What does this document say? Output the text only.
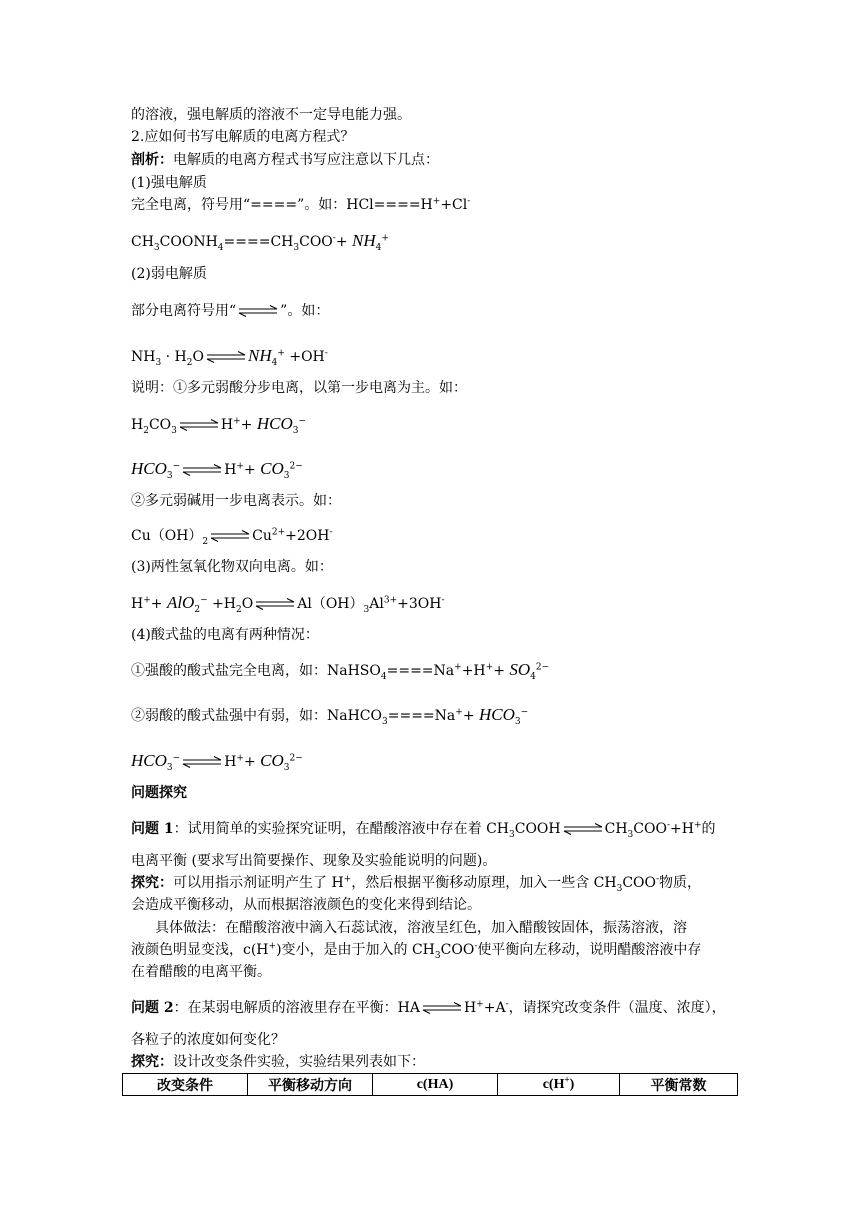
的溶液，强电解质的溶液不一定导电能力强。
2.应如何书写电解质的电离方程式？
剖析：电解质的电离方程式书写应注意以下几点：
(1)强电解质
完全电离，符号用“====”。如：HCl====H++Cl-
$CH_3COONH_4====CH_3COO^-+ NH_4^+$
(2)弱电解质
部分电离符号用“	”。如：
$NH_3 \cdot H_2O$	$NH_4^+ +OH^-$
说明：①多元弱酸分步电离，以第一步电离为主。如：
$H_2CO_3$	$H^++ HCO_3^-$
$HCO_3^-$	$H^++ CO_3^{2-}$
②多元弱碱用一步电离表示。如：
$Cu(OH)_2$	$Cu^{2+}+2OH^-$
(3)两性氢氧化物双向电离。如：
$H^++ AlO_2^- +H_2O$	$Al(OH)_3Al^{3+}+3OH^-$
(4)酸式盐的电离有两种情况：
①强酸的酸式盐完全电离，如：NaHSO$_4$====Na++H++ $SO_4^{2-}$
②弱酸的酸式盐强中有弱，如：NaHCO$_3$====Na++ $HCO_3^-$
$HCO_3^-$	$H^++ CO_3^{2-}$
问题探究
问题 1：试用简单的实验探究证明，在醋酸溶液中存在着 $CH_3COOH$	$CH_3COO^-+H^+$的
电离平衡 (要求写出简要操作、现象及实验能说明的问题)。
探究：可以用指示剂证明产生了 H+，然后根据平衡移动原理，加入一些含 $CH_3COO^-$物质，
会造成平衡移动，从而根据溶液颜色的变化来得到结论。
具体做法：在醋酸溶液中滴入石蕊试液，溶液呈红色，加入醋酸铵固体，振荡溶液，溶
液颜色明显变浅，c(H+)变小，是由于加入的 $CH_3COO^-$使平衡向左移动，说明醋酸溶液中存
在着醋酸的电离平衡。
问题 2：在某弱电解质的溶液里存在平衡：HA	H++A-，请探究改变条件（温度、浓度），
各粒子的浓度如何变化？
探究：设计改变条件实验，实验结果列表如下：
改变条件	平衡移动方向	c(HA)	c(H+)	平衡常数
